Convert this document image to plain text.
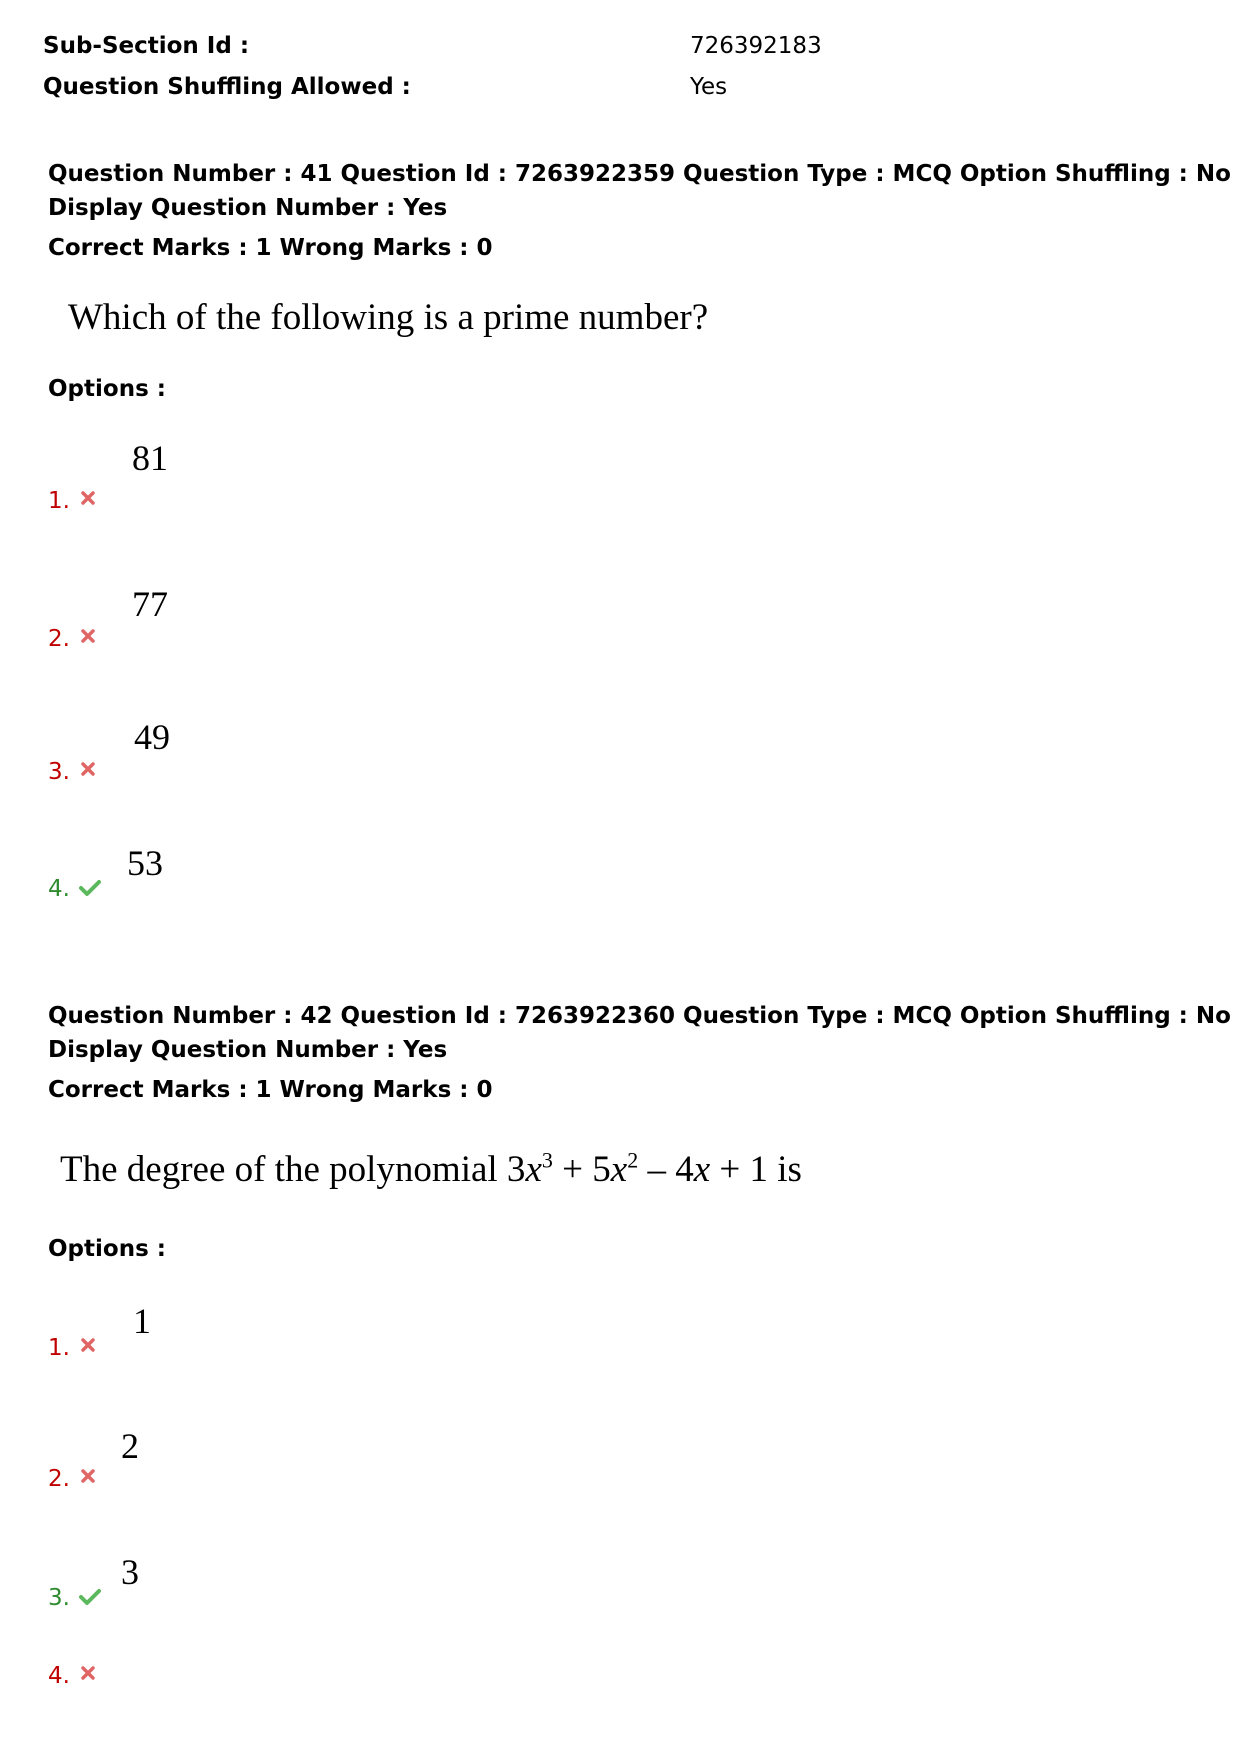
Sub-Section Id :	726392183
Question Shuffling Allowed :	Yes
Question Number : 41 Question Id : 7263922359 Question Type : MCQ Option Shuffling : No
Display Question Number : Yes
Correct Marks : 1 Wrong Marks : 0
Which of the following is a prime number?
Options :
81
1.
77
2.
49
3.
53
4.
Question Number : 42 Question Id : 7263922360 Question Type : MCQ Option Shuffling : No
Display Question Number : Yes
Correct Marks : 1 Wrong Marks : 0
The degree of the polynomial $3x^3 + 5x^2 - 4x + 1$ is
Options :
1
1.
2
2.
3
3.
4.
